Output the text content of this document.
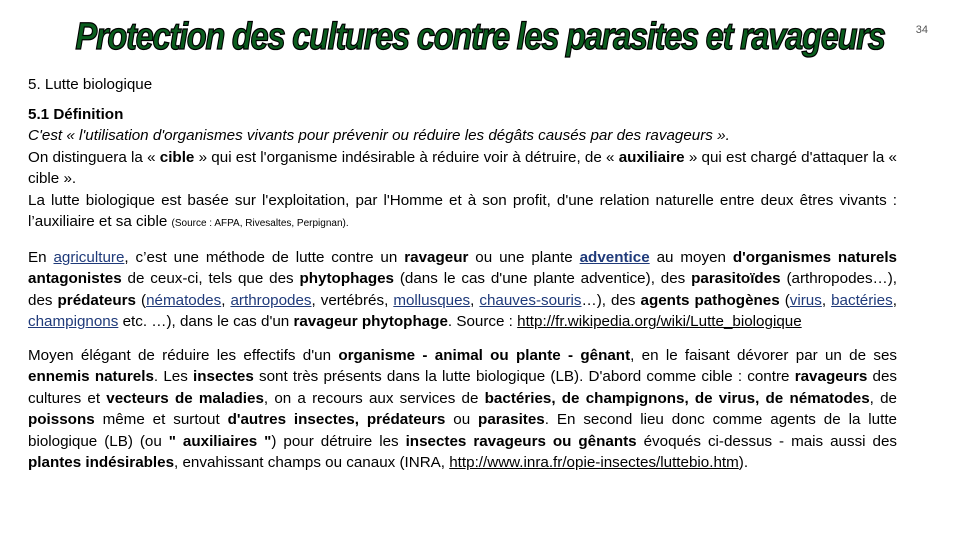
Protection des cultures contre les parasites et ravageurs	34
5. Lutte biologique
5.1 Définition
C'est « l'utilisation d'organismes vivants pour prévenir ou réduire les dégâts causés par des ravageurs ».
On distinguera la « cible » qui est l'organisme indésirable à réduire voir à détruire, de « auxiliaire » qui est chargé d'attaquer la « cible ».
La lutte biologique est basée sur l'exploitation, par l'Homme et à son profit, d'une relation naturelle entre deux êtres vivants : l’auxiliaire et sa cible (Source : AFPA, Rivesaltes, Perpignan).
En agriculture, c’est une méthode de lutte contre un ravageur ou une plante adventice au moyen d'organismes naturels antagonistes de ceux-ci, tels que des phytophages (dans le cas d'une plante adventice), des parasitoïdes (arthropodes…), des prédateurs (nématodes, arthropodes, vertébrés, mollusques, chauves-souris…), des agents pathogènes (virus, bactéries, champignons etc. …), dans le cas d'un ravageur phytophage. Source : http://fr.wikipedia.org/wiki/Lutte_biologique
Moyen élégant de réduire les effectifs d'un organisme - animal ou plante - gênant, en le faisant dévorer par un de ses ennemis naturels. Les insectes sont très présents dans la lutte biologique (LB). D'abord comme cible : contre ravageurs des cultures et vecteurs de maladies, on a recours aux services de bactéries, de champignons, de virus, de nématodes, de poissons même et surtout d'autres insectes, prédateurs ou parasites. En second lieu donc comme agents de la lutte biologique (LB) (ou " auxiliaires ") pour détruire les insectes ravageurs ou gênants évoqués ci-dessus - mais aussi des plantes indésirables, envahissant champs ou canaux (INRA, http://www.inra.fr/opie-insectes/luttebio.htm).
